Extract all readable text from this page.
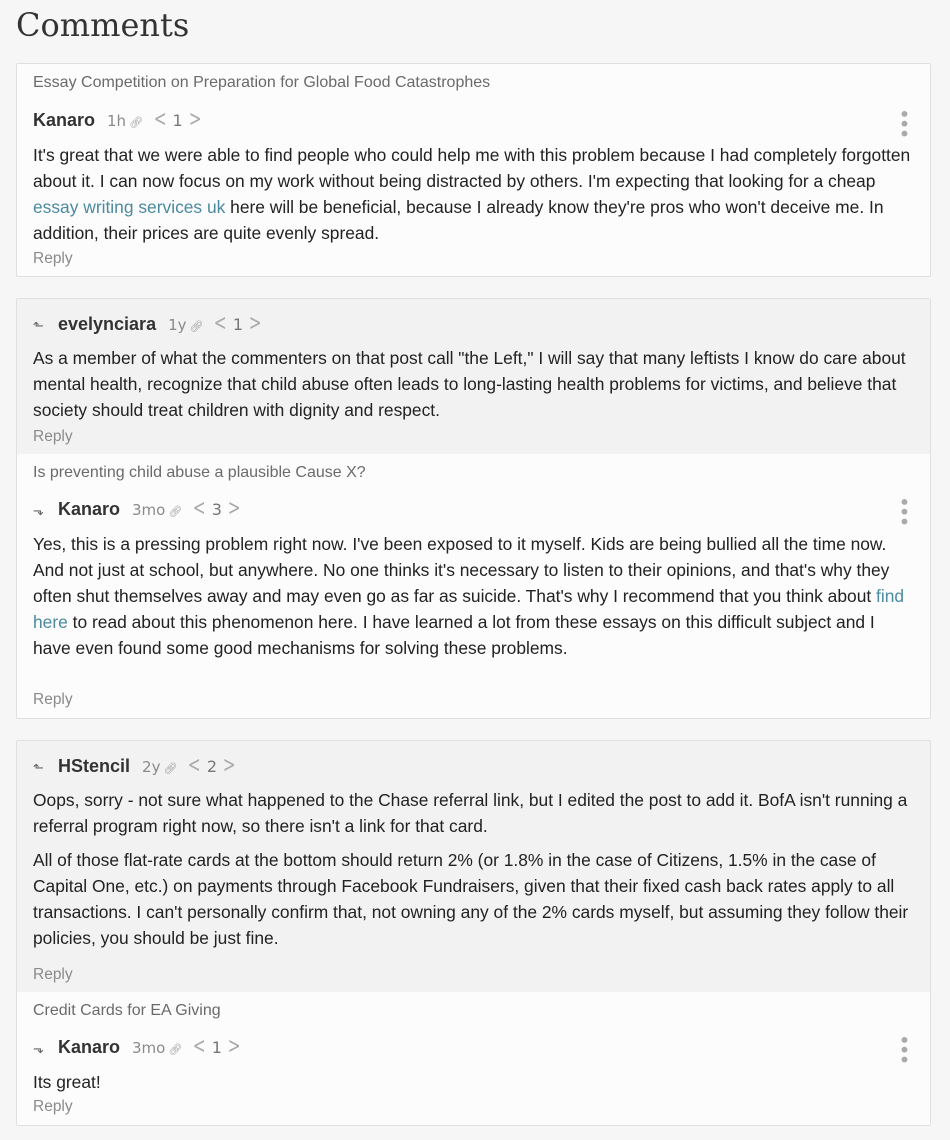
Comments
Essay Competition on Preparation for Global Food Catastrophes
Kanaro 1h 🔗︎ < 1 >	•••

It's great that we were able to find people who could help me with this problem because I had completely forgotten about it. I can now focus on my work without being distracted by others. I'm expecting that looking for a cheap essay writing services uk here will be beneficial, because I already know they're pros who won't deceive me. In addition, their prices are quite evenly spread.

Reply
⬑ evelynciara 1y 🔗︎ < 1 >

As a member of what the commenters on that post call "the Left," I will say that many leftists I know do care about mental health, recognize that child abuse often leads to long-lasting health problems for victims, and believe that society should treat children with dignity and respect.

Reply
Is preventing child abuse a plausible Cause X?
⬎ Kanaro 3mo 🔗︎ < 3 >	•••

Yes, this is a pressing problem right now. I've been exposed to it myself. Kids are being bullied all the time now. And not just at school, but anywhere. No one thinks it's necessary to listen to their opinions, and that's why they often shut themselves away and may even go as far as suicide. That's why I recommend that you think about find here to read about this phenomenon here. I have learned a lot from these essays on this difficult subject and I have even found some good mechanisms for solving these problems.

Reply
⬑ HStencil 2y 🔗︎ < 2 >

Oops, sorry - not sure what happened to the Chase referral link, but I edited the post to add it. BofA isn't running a referral program right now, so there isn't a link for that card.

All of those flat-rate cards at the bottom should return 2% (or 1.8% in the case of Citizens, 1.5% in the case of Capital One, etc.) on payments through Facebook Fundraisers, given that their fixed cash back rates apply to all transactions. I can't personally confirm that, not owning any of the 2% cards myself, but assuming they follow their policies, you should be just fine.

Reply
Credit Cards for EA Giving
⬎ Kanaro 3mo 🔗︎ < 1 >	•••

Its great!

Reply
